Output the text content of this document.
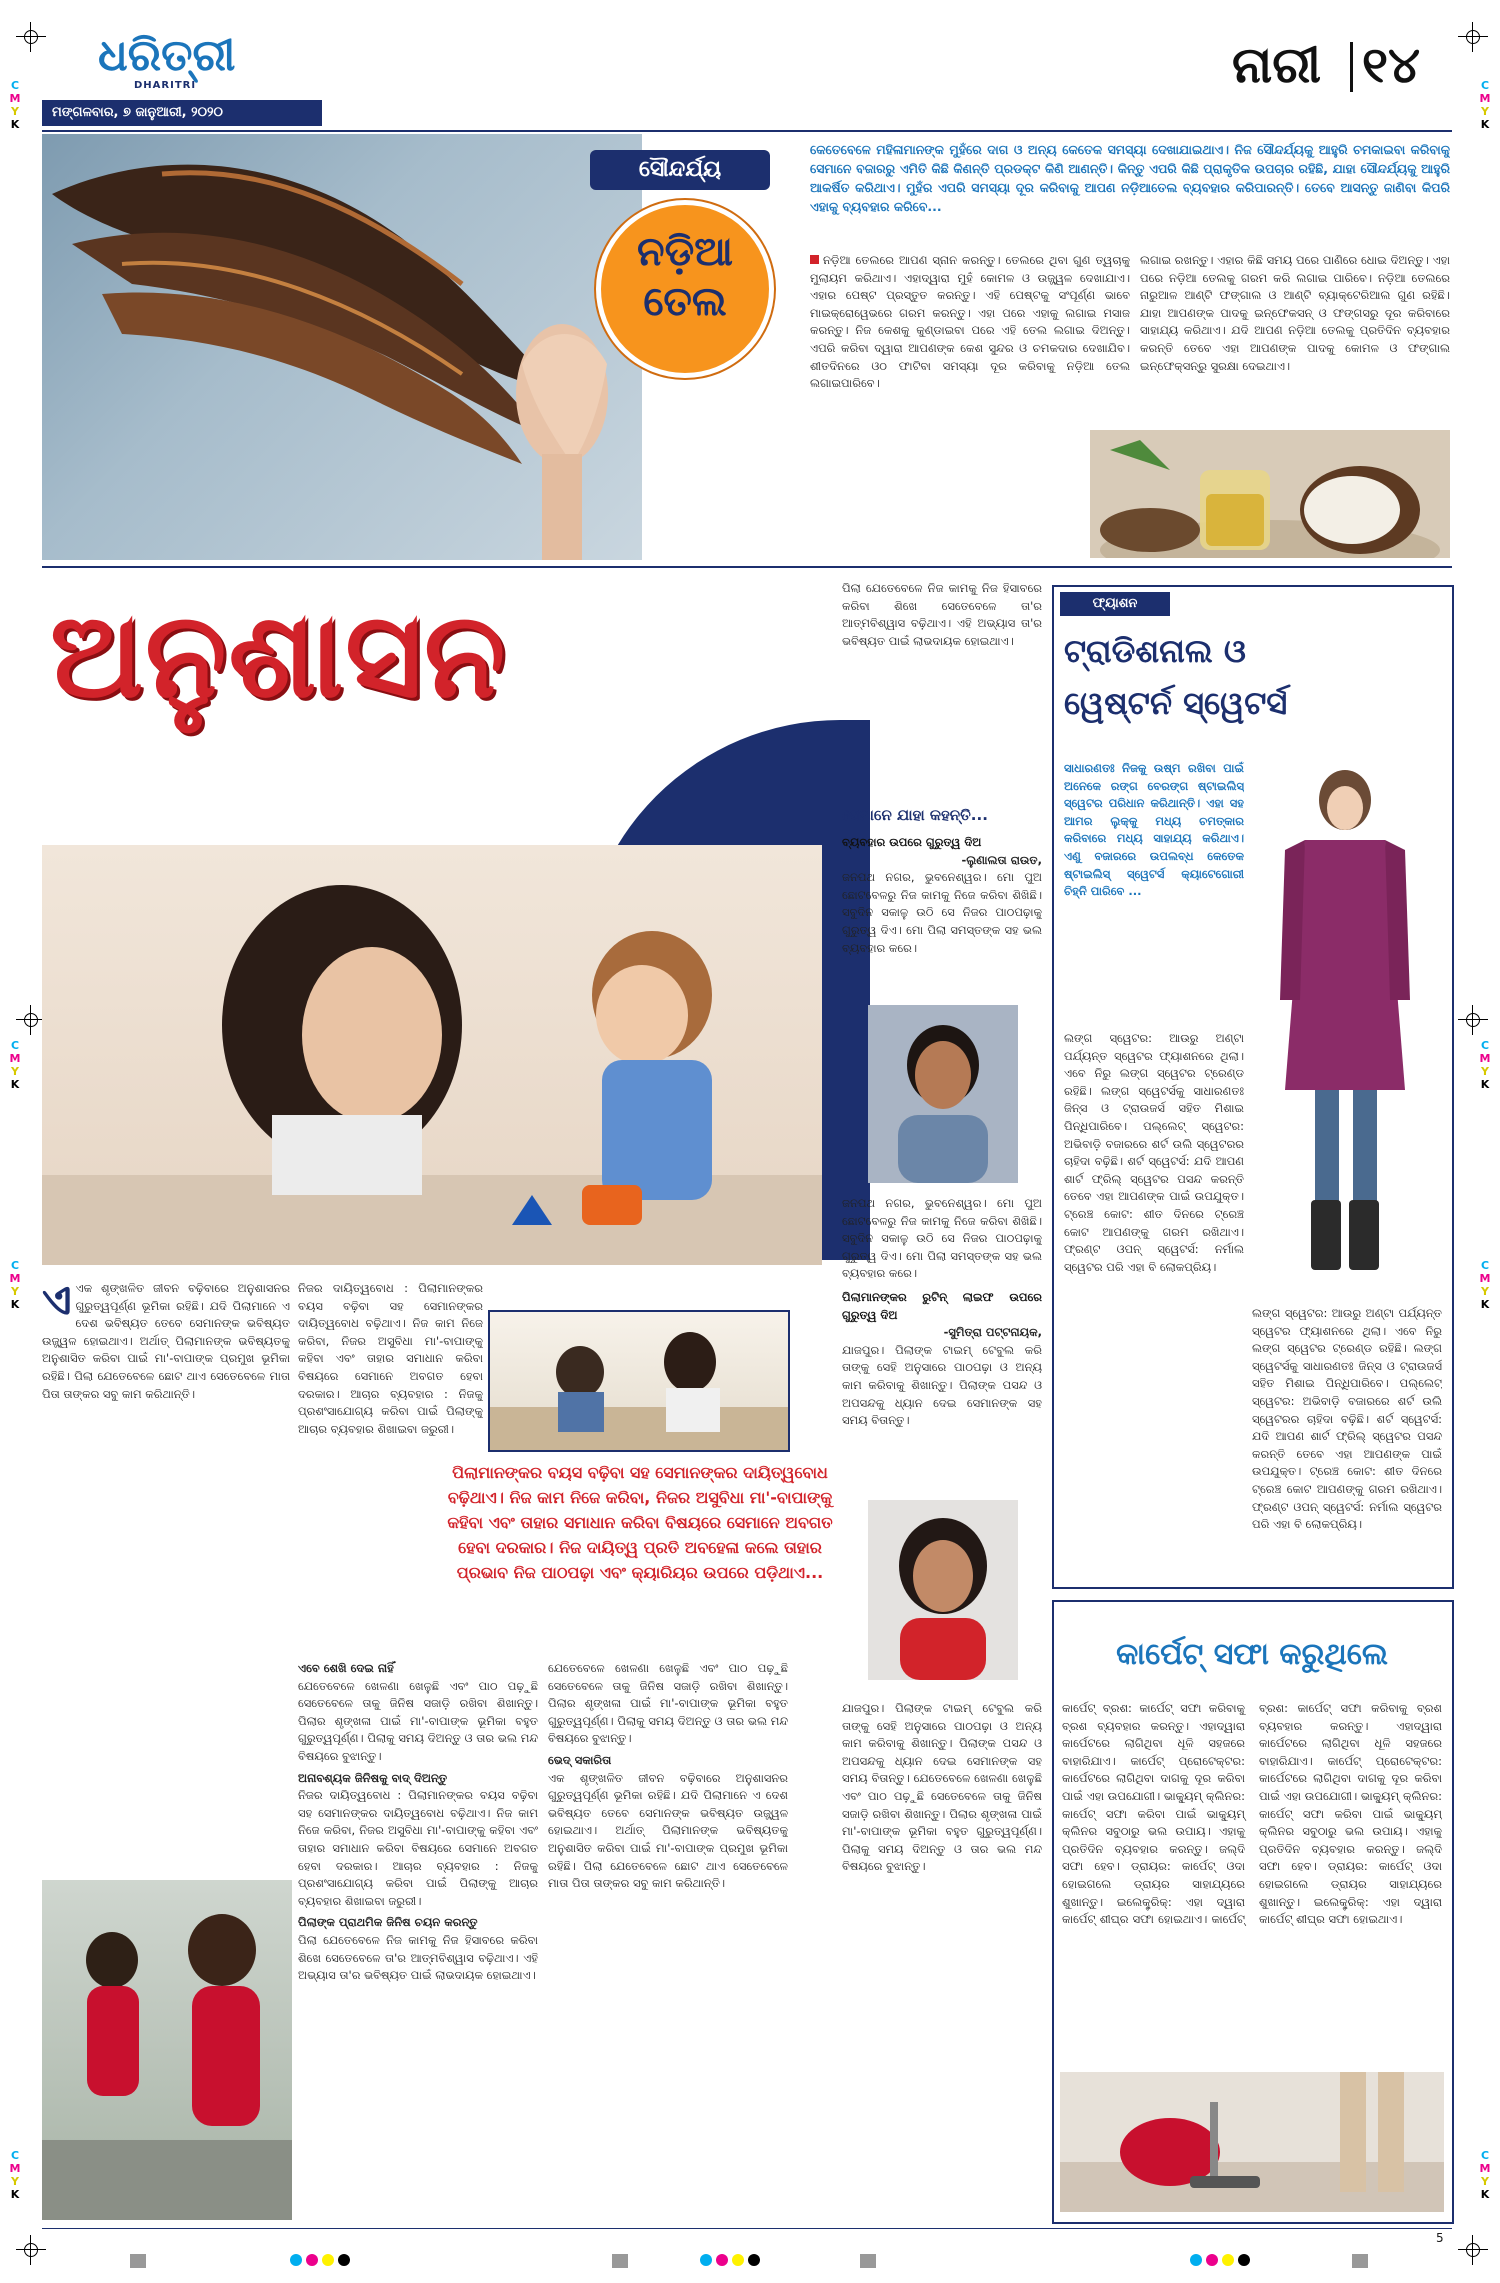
C
M
Y
K
C
M
Y
K
C
M
Y
K
C
M
Y
K
C
M
Y
K
C
M
Y
K
C
M
Y
K
C
M
Y
K
ଧରିତ୍ରୀ
DHARITRI
ମଙ୍ଗଳବାର, ୭ ଜାନୁଆରୀ, ୨୦୨୦
ନାରୀ ୧୪
ସୌନ୍ଦର୍ଯ୍ୟ
ନଡ଼ିଆ
ତେଲ
କେତେବେଳେ ମହିଳାମାନଙ୍କ ମୁହଁରେ ଦାଗ ଓ ଅନ୍ୟ କେତେକ ସମସ୍ୟା ଦେଖାଯାଇଥାଏ। ନିଜ ସୌନ୍ଦର୍ଯ୍ୟକୁ ଆହୁରି ଚମକାଇବା କରିବାକୁ ସେମାନେ ବଜାରରୁ ଏମିତି କିଛି କିଣନ୍ତି ପ୍ରଡକ୍ଟ କିଣି ଆଣନ୍ତି। କିନ୍ତୁ ଏପରି କିଛି ପ୍ରାକୃତିକ ଉପଚାର ରହିଛି, ଯାହା ସୌନ୍ଦର୍ଯ୍ୟକୁ ଆହୁରି ଆକର୍ଷିତ କରିଥାଏ। ମୁହଁର ଏପରି ସମସ୍ୟା ଦୂର କରିବାକୁ ଆପଣ ନଡ଼ିଆତେଲ ବ୍ୟବହାର କରିପାରନ୍ତି। ତେବେ ଆସନ୍ତୁ ଜାଣିବା କିପରି ଏହାକୁ ବ୍ୟବହାର କରିବେ...
ନଡ଼ିଆ ତେଲରେ ଆପଣ ସ୍ନାନ କରନ୍ତୁ। ତେଲରେ ଥିବା ଗୁଣ ତ୍ୱଚାକୁ ମୁଲାୟମ କରିଥାଏ। ଏହାଦ୍ୱାରା ମୁହଁ କୋମଳ ଓ ଉଜ୍ଜ୍ୱଳ ଦେଖାଯାଏ। ଏହାର ପେଷ୍ଟ ପ୍ରସ୍ତୁତ କରନ୍ତୁ। ଏହି ପେଷ୍ଟକୁ ସଂପୂର୍ଣ୍ଣ ଭାବେ ମାଇକ୍ରୋୱେଭରେ ଗରମ କରନ୍ତୁ। ଏହା ପରେ ଏହାକୁ ଲଗାଇ ମସାଜ କରନ୍ତୁ। ନିଜ କେଶକୁ କୁଣ୍ଡାଇବା ପରେ ଏହି ତେଲ ଲଗାଇ ଦିଅନ୍ତୁ। ଏପରି କରିବା ଦ୍ୱାରା ଆପଣଙ୍କ କେଶ ସୁନ୍ଦର ଓ ଚମକଦାର ଦେଖାଯିବ। ଶୀତଦିନରେ ଓଠ ଫାଟିବା ସମସ୍ୟା ଦୂର କରିବାକୁ ନଡ଼ିଆ ତେଲ ଲଗାଇପାରିବେ।
ଲଗାଇ ରଖନ୍ତୁ। ଏହାର କିଛି ସମୟ ପରେ ପାଣିରେ ଧୋଇ ଦିଅନ୍ତୁ। ଏହା ପରେ ନଡ଼ିଆ ତେଲକୁ ଗରମ କରି ଲଗାଇ ପାରିବେ। ନଡ଼ିଆ ତେଲରେ ନାରୁଆଳ ଆଣ୍ଟି ଫଙ୍ଗାଲ ଓ ଆଣ୍ଟି ବ୍ୟାକ୍ଟେରିଆଲ ଗୁଣ ରହିଛି। ଯାହା ଆପଣଙ୍କ ପାଦକୁ ଇନ୍‌ଫେକସନ୍ ଓ ଫଙ୍ଗସରୁ ଦୂର କରିବାରେ ସାହାଯ୍ୟ କରିଥାଏ। ଯଦି ଆପଣ ନଡ଼ିଆ ତେଲକୁ ପ୍ରତିଦିନ ବ୍ୟବହାର କରନ୍ତି ତେବେ ଏହା ଆପଣଙ୍କ ପାଦକୁ କୋମଳ ଓ ଫଙ୍ଗାଲ ଇନ୍‌ଫେକ୍‌ସନ୍‌ରୁ ସୁରକ୍ଷା ଦେଇଥାଏ।
ଅନୁଶାସନ
ଏ ଏକ ଶୃଙ୍ଖଳିତ ଜୀବନ ବଢ଼ିବାରେ ଅନୁଶାସନର ଗୁରୁତ୍ୱପୂର୍ଣ୍ଣ ଭୂମିକା ରହିଛି। ଯଦି ପିଲାମାନେ ଏ ଦେଶ ଭବିଷ୍ୟତ ତେବେ ସେମାନଙ୍କ ଭବିଷ୍ୟତ ଉଜ୍ଜ୍ୱଳ ହୋଇଥାଏ। ଅର୍ଥାତ୍ ପିଲାମାନଙ୍କ ଭବିଷ୍ୟତକୁ ଅନୁଶାସିତ କରିବା ପାଇଁ ମା'-ବାପାଙ୍କ ପ୍ରମୁଖ ଭୂମିକା ରହିଛି। ପିଲା ଯେତେବେଳେ ଛୋଟ ଥାଏ ସେତେବେଳେ ମାତା ପିତା ତାଙ୍କର ସବୁ କାମ କରିଥାନ୍ତି।
ନିଜର ଦାୟିତ୍ୱବୋଧ : ପିଲାମାନଙ୍କର ବୟସ ବଢ଼ିବା ସହ ସେମାନଙ୍କର ଦାୟିତ୍ୱବୋଧ ବଢ଼ିଥାଏ। ନିଜ କାମ ନିଜେ କରିବା, ନିଜର ଅସୁବିଧା ମା'-ବାପାଙ୍କୁ କହିବା ଏବଂ ତାହାର ସମାଧାନ କରିବା ବିଷୟରେ ସେମାନେ ଅବଗତ ହେବା ଦରକାର। ଆଚାର ବ୍ୟବହାର : ନିଜକୁ ପ୍ରଶଂସାଯୋଗ୍ୟ କରିବା ପାଇଁ ପିଲାଙ୍କୁ ଆଚାର ବ୍ୟବହାର ଶିଖାଇବା ଜରୁରୀ।
ପିଲାମାନଙ୍କର ବୟସ ବଢ଼ିବା ସହ ସେମାନଙ୍କର ଦାୟିତ୍ୱବୋଧ ବଢ଼ିଥାଏ। ନିଜ କାମ ନିଜେ କରିବା, ନିଜର ଅସୁବିଧା ମା'-ବାପାଙ୍କୁ କହିବା ଏବଂ ତାହାର ସମାଧାନ କରିବା ବିଷୟରେ ସେମାନେ ଅବଗତ ହେବା ଦରକାର। ନିଜ ଦାୟିତ୍ୱ ପ୍ରତି ଅବହେଳା କଲେ ତାହାର ପ୍ରଭାବ ନିଜ ପାଠପଢ଼ା ଏବଂ କ୍ୟାରିୟର ଉପରେ ପଡ଼ିଥାଏ...
ପିଲା ଯେତେବେଳେ ନିଜ କାମକୁ ନିଜ ହିସାବରେ କରିବା ଶିଖେ ସେତେବେଳେ ତା'ର ଆତ୍ମବିଶ୍ୱାସ ବଢ଼ିଥାଏ। ଏହି ଅଭ୍ୟାସ ତା'ର ଭବିଷ୍ୟତ ପାଇଁ ଲାଭଦାୟକ ହୋଇଥାଏ।
ସେମାନେ ଯାହା କହନ୍ତି...
ବ୍ୟବହାର ଉପରେ ଗୁରୁତ୍ୱ ଦିଅ
-ଲୁଣାଲତା ରାଉତ,
ଜନପଥ ନଗର, ଭୁବନେଶ୍ୱର। ମୋ ପୁଅ ଛୋଟବେଳରୁ ନିଜ କାମକୁ ନିଜେ କରିବା ଶିଖିଛି। ସବୁଦିନ ସକାଳୁ ଉଠି ସେ ନିଜର ପାଠପଢ଼ାକୁ ଗୁରୁତ୍ୱ ଦିଏ। ମୋ ପିଲା ସମସ୍ତଙ୍କ ସହ ଭଲ ବ୍ୟବହାର କରେ।
ଜନପଥ ନଗର, ଭୁବନେଶ୍ୱର। ମୋ ପୁଅ ଛୋଟବେଳରୁ ନିଜ କାମକୁ ନିଜେ କରିବା ଶିଖିଛି। ସବୁଦିନ ସକାଳୁ ଉଠି ସେ ନିଜର ପାଠପଢ଼ାକୁ ଗୁରୁତ୍ୱ ଦିଏ। ମୋ ପିଲା ସମସ୍ତଙ୍କ ସହ ଭଲ ବ୍ୟବହାର କରେ।
ପିଲାମାନଙ୍କର ରୁଟିନ୍ ଲାଇଫ ଉପରେ ଗୁରୁତ୍ୱ ଦିଅ
-ସୁମିତ୍ରା ପଟ୍ଟନାୟକ,
ଯାଜପୁର। ପିଲାଙ୍କ ଟାଇମ୍ ଟେବୁଲ କରି ତାଙ୍କୁ ସେହି ଅନୁସାରେ ପାଠପଢ଼ା ଓ ଅନ୍ୟ କାମ କରିବାକୁ ଶିଖାନ୍ତୁ। ପିଲାଙ୍କ ପସନ୍ଦ ଓ ଅପସନ୍ଦକୁ ଧ୍ୟାନ ଦେଇ ସେମାନଙ୍କ ସହ ସମୟ ବିତାନ୍ତୁ।
ଏବେ ଶେଖି ଦେଇ ନାହିଁ
ଯେତେବେଳେ ଖେଳଣା ଖେଳୁଛି ଏବଂ ପାଠ ପଢ଼ୁଛି ସେତେବେଳେ ତାକୁ ଜିନିଷ ସଜାଡ଼ି ରଖିବା ଶିଖାନ୍ତୁ। ପିଲାର ଶୃଙ୍ଖଳା ପାଇଁ ମା'-ବାପାଙ୍କ ଭୂମିକା ବହୁତ ଗୁରୁତ୍ୱପୂର୍ଣ୍ଣ। ପିଲାକୁ ସମୟ ଦିଅନ୍ତୁ ଓ ତାର ଭଲ ମନ୍ଦ ବିଷୟରେ ବୁଝାନ୍ତୁ।
ଅନାବଶ୍ୟକ ଜିନିଷକୁ ବାଦ୍ ଦିଅନ୍ତୁ
ନିଜର ଦାୟିତ୍ୱବୋଧ : ପିଲାମାନଙ୍କର ବୟସ ବଢ଼ିବା ସହ ସେମାନଙ୍କର ଦାୟିତ୍ୱବୋଧ ବଢ଼ିଥାଏ। ନିଜ କାମ ନିଜେ କରିବା, ନିଜର ଅସୁବିଧା ମା'-ବାପାଙ୍କୁ କହିବା ଏବଂ ତାହାର ସମାଧାନ କରିବା ବିଷୟରେ ସେମାନେ ଅବଗତ ହେବା ଦରକାର। ଆଚାର ବ୍ୟବହାର : ନିଜକୁ ପ୍ରଶଂସାଯୋଗ୍ୟ କରିବା ପାଇଁ ପିଲାଙ୍କୁ ଆଚାର ବ୍ୟବହାର ଶିଖାଇବା ଜରୁରୀ।
ପିଲାଙ୍କ ପ୍ରାଥମିକ ଜିନିଷ ଚୟନ କରନ୍ତୁ
ପିଲା ଯେତେବେଳେ ନିଜ କାମକୁ ନିଜ ହିସାବରେ କରିବା ଶିଖେ ସେତେବେଳେ ତା'ର ଆତ୍ମବିଶ୍ୱାସ ବଢ଼ିଥାଏ। ଏହି ଅଭ୍ୟାସ ତା'ର ଭବିଷ୍ୟତ ପାଇଁ ଲାଭଦାୟକ ହୋଇଥାଏ।
ଯେତେବେଳେ ଖେଳଣା ଖେଳୁଛି ଏବଂ ପାଠ ପଢ଼ୁଛି ସେତେବେଳେ ତାକୁ ଜିନିଷ ସଜାଡ଼ି ରଖିବା ଶିଖାନ୍ତୁ। ପିଲାର ଶୃଙ୍ଖଳା ପାଇଁ ମା'-ବାପାଙ୍କ ଭୂମିକା ବହୁତ ଗୁରୁତ୍ୱପୂର୍ଣ୍ଣ। ପିଲାକୁ ସମୟ ଦିଅନ୍ତୁ ଓ ତାର ଭଲ ମନ୍ଦ ବିଷୟରେ ବୁଝାନ୍ତୁ।
ଭେଦ୍ ସକାରିତା
ଏକ ଶୃଙ୍ଖଳିତ ଜୀବନ ବଢ଼ିବାରେ ଅନୁଶାସନର ଗୁରୁତ୍ୱପୂର୍ଣ୍ଣ ଭୂମିକା ରହିଛି। ଯଦି ପିଲାମାନେ ଏ ଦେଶ ଭବିଷ୍ୟତ ତେବେ ସେମାନଙ୍କ ଭବିଷ୍ୟତ ଉଜ୍ଜ୍ୱଳ ହୋଇଥାଏ। ଅର୍ଥାତ୍ ପିଲାମାନଙ୍କ ଭବିଷ୍ୟତକୁ ଅନୁଶାସିତ କରିବା ପାଇଁ ମା'-ବାପାଙ୍କ ପ୍ରମୁଖ ଭୂମିକା ରହିଛି। ପିଲା ଯେତେବେଳେ ଛୋଟ ଥାଏ ସେତେବେଳେ ମାତା ପିତା ତାଙ୍କର ସବୁ କାମ କରିଥାନ୍ତି।
ଯାଜପୁର। ପିଲାଙ୍କ ଟାଇମ୍ ଟେବୁଲ କରି ତାଙ୍କୁ ସେହି ଅନୁସାରେ ପାଠପଢ଼ା ଓ ଅନ୍ୟ କାମ କରିବାକୁ ଶିଖାନ୍ତୁ। ପିଲାଙ୍କ ପସନ୍ଦ ଓ ଅପସନ୍ଦକୁ ଧ୍ୟାନ ଦେଇ ସେମାନଙ୍କ ସହ ସମୟ ବିତାନ୍ତୁ। ଯେତେବେଳେ ଖେଳଣା ଖେଳୁଛି ଏବଂ ପାଠ ପଢ଼ୁଛି ସେତେବେଳେ ତାକୁ ଜିନିଷ ସଜାଡ଼ି ରଖିବା ଶିଖାନ୍ତୁ। ପିଲାର ଶୃଙ୍ଖଳା ପାଇଁ ମା'-ବାପାଙ୍କ ଭୂମିକା ବହୁତ ଗୁରୁତ୍ୱପୂର୍ଣ୍ଣ। ପିଲାକୁ ସମୟ ଦିଅନ୍ତୁ ଓ ତାର ଭଲ ମନ୍ଦ ବିଷୟରେ ବୁଝାନ୍ତୁ।
ଫ୍ୟାଶନ
ଟ୍ରାଡିଶନାଲ ଓ
ୱେଷ୍ଟର୍ନ ସ୍ୱେଟର୍ସ
ସାଧାରଣତଃ ନିଜକୁ ଉଷ୍ମ ରଖିବା ପାଇଁ ଅନେକେ ରଙ୍ଗ ବେରଙ୍ଗ ଷ୍ଟାଇଲିସ୍ ସ୍ୱେଟର ପରିଧାନ କରିଥାନ୍ତି। ଏହା ସହ ଆମର ଲୁକ୍‌କୁ ମଧ୍ୟ ଚମତ୍କାର କରିବାରେ ମଧ୍ୟ ସାହାଯ୍ୟ କରିଥାଏ। ଏଣୁ ବଜାରରେ ଉପଲବ୍ଧ କେତେକ ଷ୍ଟାଇଲିସ୍ ସ୍ୱେଟର୍ସ କ୍ୟାଟେଗୋରୀ ଚିହ୍ନି ପାରିବେ ...
ଲଙ୍ଗ ସ୍ୱେଟର: ଆଉରୁ ଅଣ୍ଟା ପର୍ଯ୍ୟନ୍ତ ସ୍ୱେଟର ଫ୍ୟାଶନରେ ଥିଲା। ଏବେ ନିରୁ ଲଙ୍ଗ ସ୍ୱେଟର ଟ୍ରେଣ୍ଡ ରହିଛି। ଲଙ୍ଗ ସ୍ୱେଟର୍ସକୁ ସାଧାରଣତଃ ଜିନ୍‌ସ ଓ ଟ୍ରାଉଜର୍ସ ସହିତ ମିଶାଇ ପିନ୍ଧିପାରିବେ। ପଲ୍ଲେଟ୍ ସ୍ୱେଟର: ଅଭିବାଡ଼ି ବଜାରରେ ଶର୍ଟ ଉଲି ସ୍ୱେଟରର ଚାହିଦା ବଢ଼ିଛି। ଶର୍ଟ ସ୍ୱେଟର୍ସ: ଯଦି ଆପଣ ଶାର୍ଟ ଫ୍ରିଲ୍ ସ୍ୱେଟର ପସନ୍ଦ କରନ୍ତି ତେବେ ଏହା ଆପଣଙ୍କ ପାଇଁ ଉପଯୁକ୍ତ। ଟ୍ରେଞ୍ଚ କୋଟ: ଶୀତ ଦିନରେ ଟ୍ରେଞ୍ଚ କୋଟ ଆପଣଙ୍କୁ ଗରମ ରଖିଥାଏ। ଫ୍ରଣ୍ଟ ଓପନ୍ ସ୍ୱେଟର୍ସ: ନର୍ମାଲ ସ୍ୱେଟର ପରି ଏହା ବି ଲୋକପ୍ରିୟ।
ଲଙ୍ଗ ସ୍ୱେଟର: ଆଉରୁ ଅଣ୍ଟା ପର୍ଯ୍ୟନ୍ତ ସ୍ୱେଟର ଫ୍ୟାଶନରେ ଥିଲା। ଏବେ ନିରୁ ଲଙ୍ଗ ସ୍ୱେଟର ଟ୍ରେଣ୍ଡ ରହିଛି। ଲଙ୍ଗ ସ୍ୱେଟର୍ସକୁ ସାଧାରଣତଃ ଜିନ୍‌ସ ଓ ଟ୍ରାଉଜର୍ସ ସହିତ ମିଶାଇ ପିନ୍ଧିପାରିବେ। ପଲ୍ଲେଟ୍ ସ୍ୱେଟର: ଅଭିବାଡ଼ି ବଜାରରେ ଶର୍ଟ ଉଲି ସ୍ୱେଟରର ଚାହିଦା ବଢ଼ିଛି। ଶର୍ଟ ସ୍ୱେଟର୍ସ: ଯଦି ଆପଣ ଶାର୍ଟ ଫ୍ରିଲ୍ ସ୍ୱେଟର ପସନ୍ଦ କରନ୍ତି ତେବେ ଏହା ଆପଣଙ୍କ ପାଇଁ ଉପଯୁକ୍ତ। ଟ୍ରେଞ୍ଚ କୋଟ: ଶୀତ ଦିନରେ ଟ୍ରେଞ୍ଚ କୋଟ ଆପଣଙ୍କୁ ଗରମ ରଖିଥାଏ। ଫ୍ରଣ୍ଟ ଓପନ୍ ସ୍ୱେଟର୍ସ: ନର୍ମାଲ ସ୍ୱେଟର ପରି ଏହା ବି ଲୋକପ୍ରିୟ।
କାର୍ପେଟ୍ ସଫା କରୁଥିଲେ
କାର୍ପେଟ୍ ବ୍ରଶ: କାର୍ପେଟ୍ ସଫା କରିବାକୁ ବ୍ରଶ ବ୍ୟବହାର କରନ୍ତୁ। ଏହାଦ୍ୱାରା କାର୍ପେଟରେ ଲାଗିଥିବା ଧୂଳି ସହଜରେ ବାହାରିଯାଏ। କାର୍ପେଟ୍ ପ୍ରୋଟେକ୍ଟର: କାର୍ପେଟରେ ଲାଗିଥିବା ଦାଗକୁ ଦୂର କରିବା ପାଇଁ ଏହା ଉପଯୋଗୀ। ଭାକ୍ୟୁମ୍ କ୍ଲିନର: କାର୍ପେଟ୍ ସଫା କରିବା ପାଇଁ ଭାକ୍ୟୁମ୍ କ୍ଲିନର ସବୁଠାରୁ ଭଲ ଉପାୟ। ଏହାକୁ ପ୍ରତିଦିନ ବ୍ୟବହାର କରନ୍ତୁ। ଜଲ୍ଦି ସଫା ହେବ। ଡ୍ରାୟର: କାର୍ପେଟ୍ ଓଦା ହୋଇଗଲେ ଡ୍ରାୟର ସାହାଯ୍ୟରେ ଶୁଖାନ୍ତୁ। ଇଲେକ୍ଟ୍ରିକ୍: ଏହା ଦ୍ୱାରା କାର୍ପେଟ୍ ଶୀଘ୍ର ସଫା ହୋଇଥାଏ। କାର୍ପେଟ୍ ବ୍ରଶ: କାର୍ପେଟ୍ ସଫା କରିବାକୁ ବ୍ରଶ ବ୍ୟବହାର କରନ୍ତୁ। ଏହାଦ୍ୱାରା କାର୍ପେଟରେ ଲାଗିଥିବା ଧୂଳି ସହଜରେ ବାହାରିଯାଏ। କାର୍ପେଟ୍ ପ୍ରୋଟେକ୍ଟର: କାର୍ପେଟରେ ଲାଗିଥିବା ଦାଗକୁ ଦୂର କରିବା ପାଇଁ ଏହା ଉପଯୋଗୀ। ଭାକ୍ୟୁମ୍ କ୍ଲିନର: କାର୍ପେଟ୍ ସଫା କରିବା ପାଇଁ ଭାକ୍ୟୁମ୍ କ୍ଲିନର ସବୁଠାରୁ ଭଲ ଉପାୟ। ଏହାକୁ ପ୍ରତିଦିନ ବ୍ୟବହାର କରନ୍ତୁ। ଜଲ୍ଦି ସଫା ହେବ। ଡ୍ରାୟର: କାର୍ପେଟ୍ ଓଦା ହୋଇଗଲେ ଡ୍ରାୟର ସାହାଯ୍ୟରେ ଶୁଖାନ୍ତୁ। ଇଲେକ୍ଟ୍ରିକ୍: ଏହା ଦ୍ୱାରା କାର୍ପେଟ୍ ଶୀଘ୍ର ସଫା ହୋଇଥାଏ।
5
